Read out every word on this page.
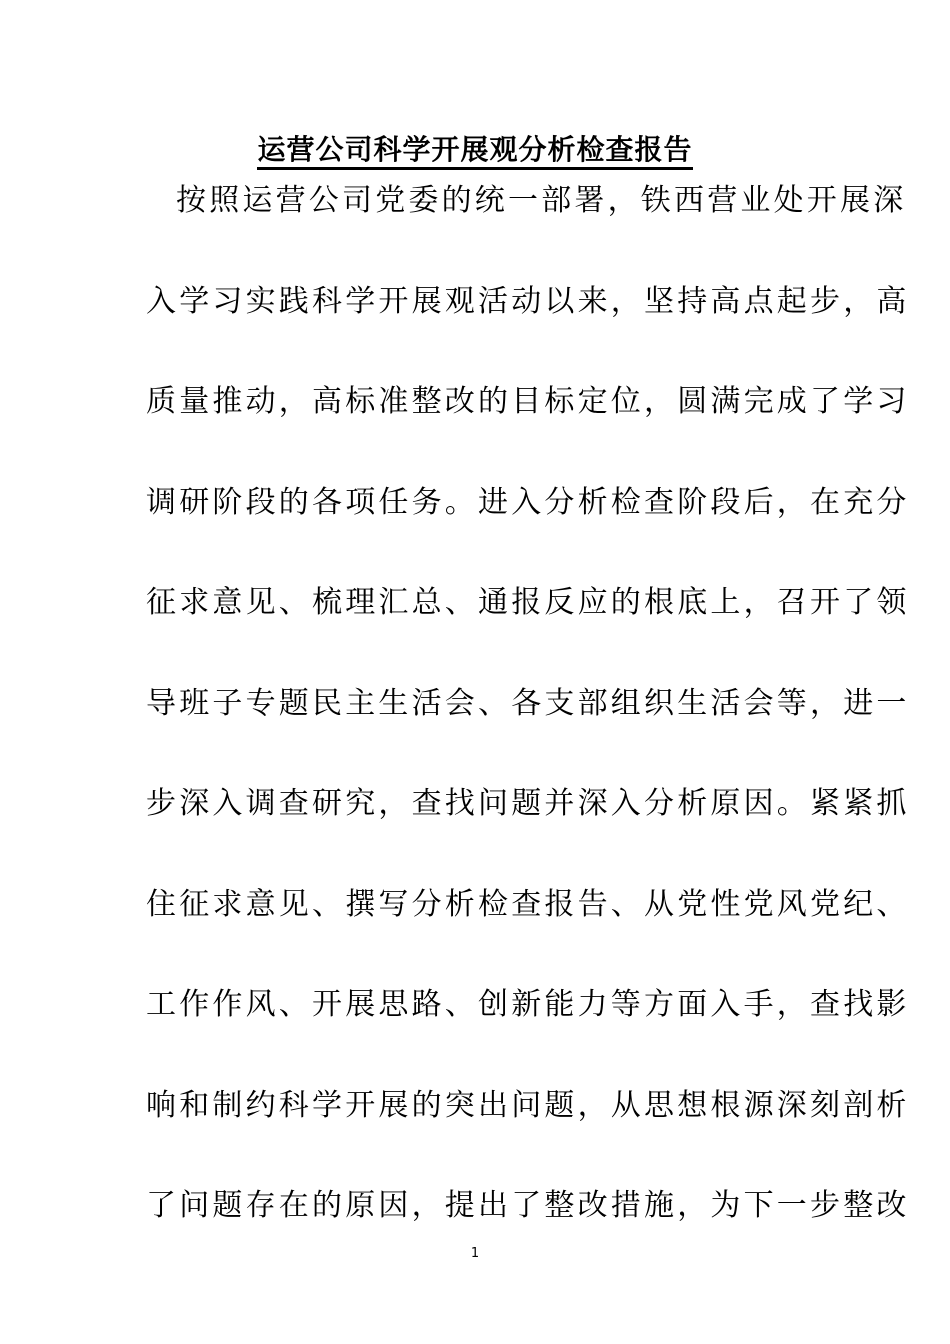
运营公司科学开展观分析检查报告
按照运营公司党委的统一部署，铁西营业处开展深
入学习实践科学开展观活动以来，坚持高点起步，高
质量推动，高标准整改的目标定位，圆满完成了学习
调研阶段的各项任务。进入分析检查阶段后，在充分
征求意见、梳理汇总、通报反应的根底上，召开了领
导班子专题民主生活会、各支部组织生活会等，进一
步深入调查研究，查找问题并深入分析原因。紧紧抓
住征求意见、撰写分析检查报告、从党性党风党纪、
工作作风、开展思路、创新能力等方面入手，查找影
响和制约科学开展的突出问题，从思想根源深刻剖析
了问题存在的原因，提出了整改措施，为下一步整改
1
